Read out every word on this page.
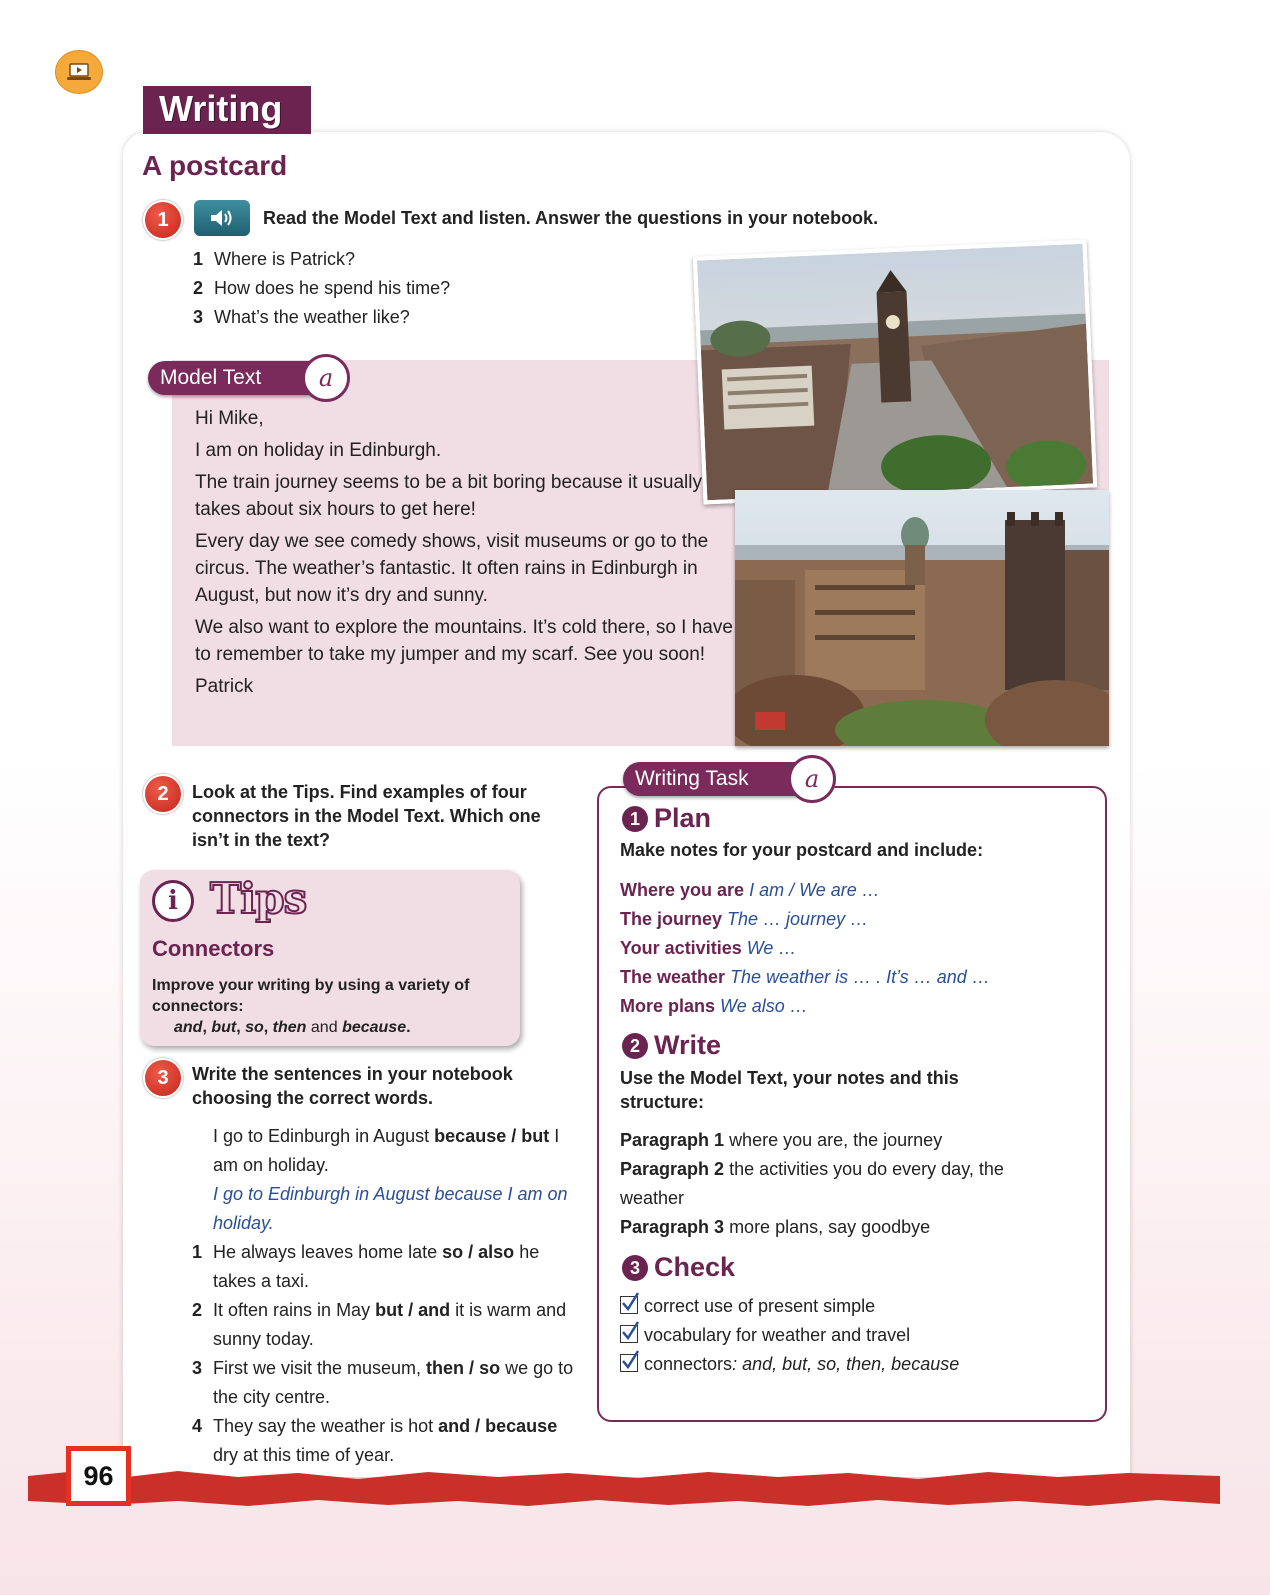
Writing
A postcard
1	Read the Model Text and listen. Answer the questions in your notebook.
1 Where is Patrick?
2 How does he spend his time?
3 What’s the weather like?
Model Text	a

Hi Mike,

I am on holiday in Edinburgh.

The train journey seems to be a bit boring because it usually takes about six hours to get here!

Every day we see comedy shows, visit museums or go to the circus. The weather’s fantastic. It often rains in Edinburgh in August, but now it’s dry and sunny.

We also want to explore the mountains. It’s cold there, so I have to remember to take my jumper and my scarf. See you soon!

Patrick

2	Look at the Tips. Find examples of four connectors in the Model Text. Which one isn’t in the text?
i Tips
Connectors
Improve your writing by using a variety of connectors:
and, but, so, then and because.
3	Write the sentences in your notebook choosing the correct words.
I go to Edinburgh in August because / but I am on holiday.
I go to Edinburgh in August because I am on holiday.
1 He always leaves home late so / also he takes a taxi.
2 It often rains in May but / and it is warm and sunny today.
3 First we visit the museum, then / so we go to the city centre.
4 They say the weather is hot and / because dry at this time of year.
Writing Task	a
1 Plan
Make notes for your postcard and include:
Where you are I am / We are …
The journey The … journey …
Your activities We …
The weather The weather is … . It’s … and …
More plans We also …
2 Write
Use the Model Text, your notes and this structure:
Paragraph 1 where you are, the journey
Paragraph 2 the activities you do every day, the weather
Paragraph 3 more plans, say goodbye
3 Check
correct use of present simple
vocabulary for weather and travel
connectors: and, but, so, then, because
96
